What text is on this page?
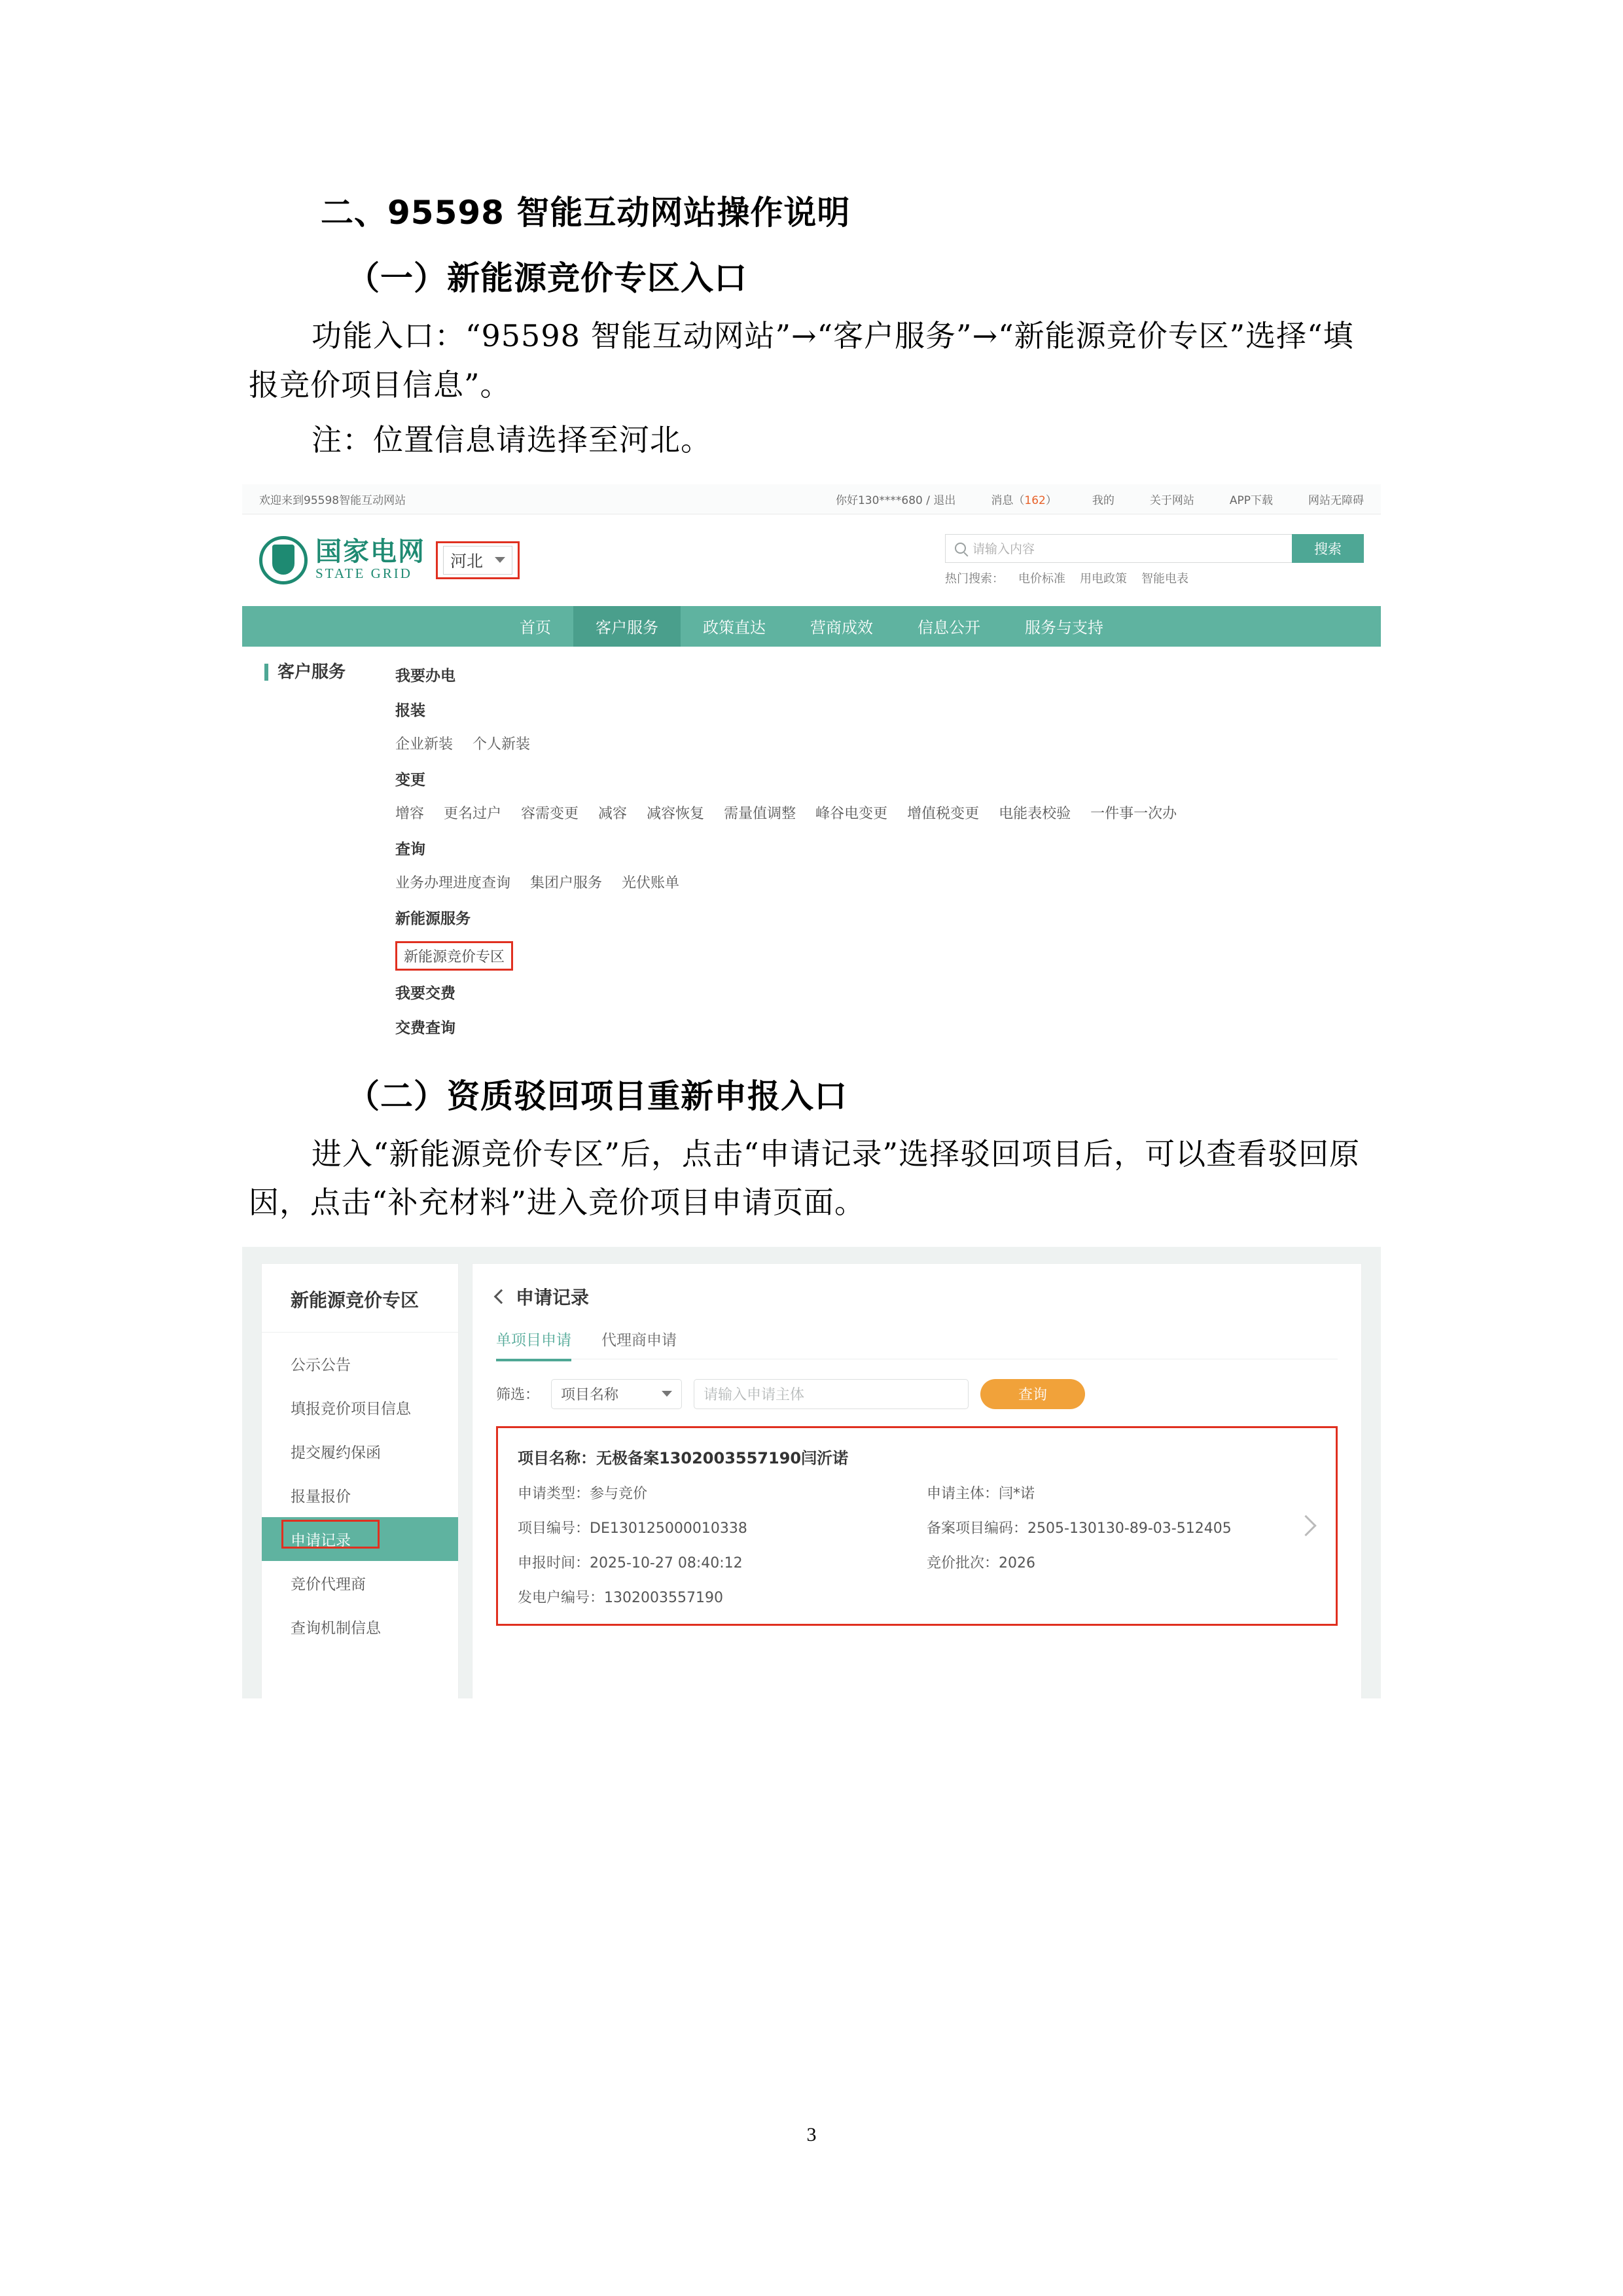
二、95598 智能互动网站操作说明
（一）新能源竞价专区入口

功能入口：“95598 智能互动网站”→“客户服务”→“新能源竞价专区”选择“填报竞价项目信息”。

注：位置信息请选择至河北。

欢迎来到95598智能互动网站	你好130****680 / 退出	消息（162）	我的	关于网站	APP下载	网站无障碍
国家电网
STATE GRID
河北
请输入内容	搜索
热门搜索： 电价标准 用电政策 智能电表
首页	客户服务	政策直达	营商成效	信息公开	服务与支持
客户服务	我要办电
报装
企业新装 个人新装
变更
增容 更名过户 容需变更 减容 减容恢复 需量值调整 峰谷电变更 增值税变更 电能表校验 一件事一次办
查询
业务办理进度查询 集团户服务 光伏账单
新能源服务
新能源竞价专区
我要交费
交费查询
（二）资质驳回项目重新申报入口

进入“新能源竞价专区”后，点击“申请记录”选择驳回项目后，可以查看驳回原因，点击“补充材料”进入竞价项目申请页面。

新能源竞价专区
公示公告
填报竞价项目信息
提交履约保函
报量报价
申请记录
竞价代理商
查询机制信息
申请记录
单项目申请 代理商申请
筛选： 项目名称	请输入申请主体	查询
项目名称：无极备案1302003557190闫沂诺
申请类型：参与竞价	申请主体：闫*诺
项目编号：DE130125000010338	备案项目编码：2505-130130-89-03-512405
申报时间：2025-10-27 08:40:12	竞价批次：2026
发电户编号：1302003557190
3
